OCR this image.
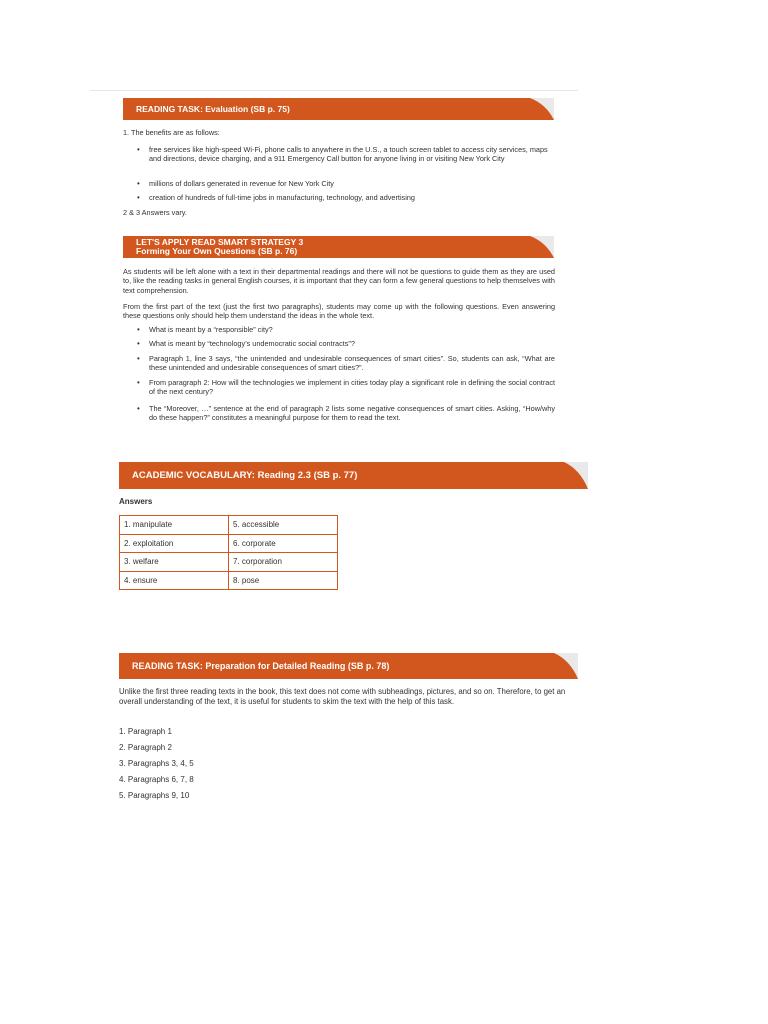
READING TASK: Evaluation (SB p. 75)
1. The benefits are as follows:
• free services like high-speed Wi-Fi, phone calls to anywhere in the U.S., a touch screen tablet to access city services, maps and directions, device charging, and a 911 Emergency Call button for anyone living in or visiting New York City
• millions of dollars generated in revenue for New York City
• creation of hundreds of full-time jobs in manufacturing, technology, and advertising
2 & 3 Answers vary.
LET'S APPLY READ SMART STRATEGY 3
Forming Your Own Questions (SB p. 76)
As students will be left alone with a text in their departmental readings and there will not be questions to guide them as they are used to, like the reading tasks in general English courses, it is important that they can form a few general questions to help themselves with text comprehension.
From the first part of the text (just the first two paragraphs), students may come up with the following questions. Even answering these questions only should help them understand the ideas in the whole text.
• What is meant by a “responsible” city?
• What is meant by “technology’s undemocratic social contracts”?
• Paragraph 1, line 3 says, “the unintended and undesirable consequences of smart cities”. So, students can ask, “What are these unintended and undesirable consequences of smart cities?”.
• From paragraph 2: How will the technologies we implement in cities today play a significant role in defining the social contract of the next century?
• The “Moreover, …” sentence at the end of paragraph 2 lists some negative consequences of smart cities. Asking, “How/why do these happen?” constitutes a meaningful purpose for them to read the text.
ACADEMIC VOCABULARY: Reading 2.3 (SB p. 77)
Answers
1. manipulate	5. accessible
2. exploitation	6. corporate
3. welfare	7. corporation
4. ensure	8. pose
READING TASK: Preparation for Detailed Reading (SB p. 78)
Unlike the first three reading texts in the book, this text does not come with subheadings, pictures, and so on. Therefore, to get an overall understanding of the text, it is useful for students to skim the text with the help of this task.
1. Paragraph 1
2. Paragraph 2
3. Paragraphs 3, 4, 5
4. Paragraphs 6, 7, 8
5. Paragraphs 9, 10
